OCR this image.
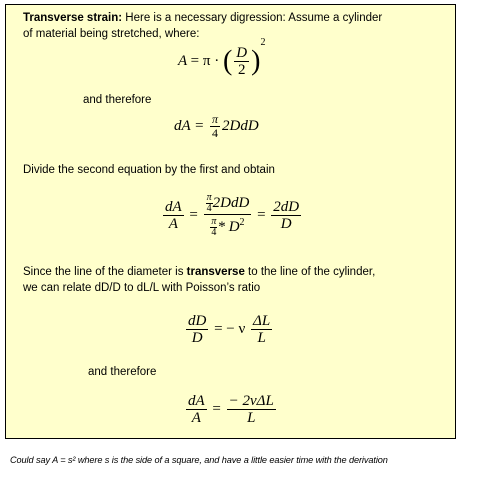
Transverse strain: Here is a necessary digression: Assume a cylinder
of material being stretched, where:
A = π · ( $\frac{D}{2} )^2$
and therefore
dA = $\frac{\pi}{4} 2DdD$
Divide the second equation by the first and obtain
$\frac{dA}{A} = \frac{\frac{\pi}{4} 2DdD}{\frac{\pi}{4} * D^2} = \frac{2dD}{D}$
Since the line of the diameter is transverse to the line of the cylinder,
we can relate dD/D to dL/L with Poisson’s ratio
$\frac{dD}{D}$ = − ν $\frac{\Delta L}{L}$
and therefore
$\frac{dA}{A} = \frac{\text{− 2νΔL}}{L}$
Could say A = s² where s is the side of a square, and have a little easier time with the derivation
